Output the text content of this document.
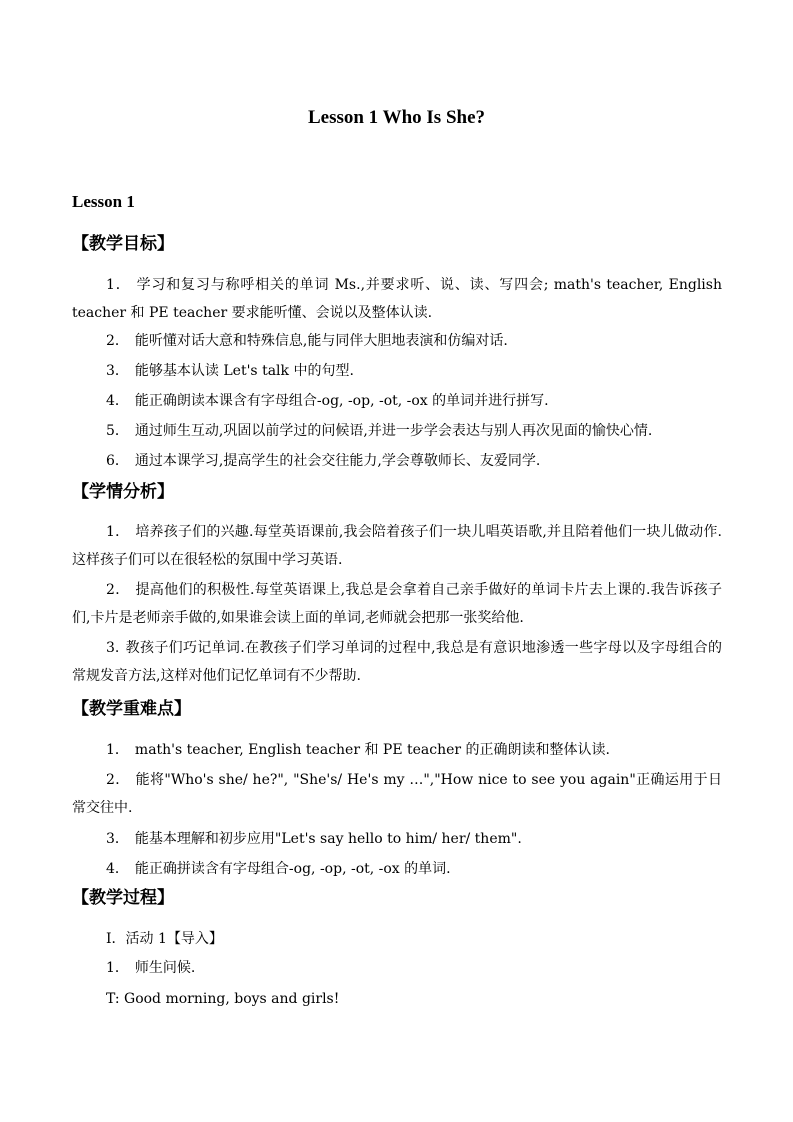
Lesson 1 Who Is She?
Lesson 1
【教学目标】
1． 学习和复习与称呼相关的单词 Ms.,并要求听、说、读、写四会; math's teacher, English teacher 和 PE teacher 要求能听懂、会说以及整体认读.
2． 能听懂对话大意和特殊信息,能与同伴大胆地表演和仿编对话.
3． 能够基本认读 Let's talk 中的句型.
4． 能正确朗读本课含有字母组合-og, -op, -ot, -ox 的单词并进行拼写.
5． 通过师生互动,巩固以前学过的问候语,并进一步学会表达与别人再次见面的愉快心情.
6． 通过本课学习,提高学生的社会交往能力,学会尊敬师长、友爱同学.
【学情分析】
1． 培养孩子们的兴趣.每堂英语课前,我会陪着孩子们一块儿唱英语歌,并且陪着他们一块儿做动作.这样孩子们可以在很轻松的氛围中学习英语.
2． 提高他们的积极性.每堂英语课上,我总是会拿着自己亲手做好的单词卡片去上课的.我告诉孩子们,卡片是老师亲手做的,如果谁会读上面的单词,老师就会把那一张奖给他.
3. 教孩子们巧记单词.在教孩子们学习单词的过程中,我总是有意识地渗透一些字母以及字母组合的常规发音方法,这样对他们记忆单词有不少帮助.
【教学重难点】
1． math's teacher, English teacher 和 PE teacher 的正确朗读和整体认读.
2． 能将"Who's she/ he?", "She's/ He's my …","How nice to see you again"正确运用于日常交往中.
3． 能基本理解和初步应用"Let's say hello to him/ her/ them".
4． 能正确拼读含有字母组合-og, -op, -ot, -ox 的单词.
【教学过程】
Ⅰ．活动 1【导入】
1． 师生问候.
T: Good morning, boys and girls!
